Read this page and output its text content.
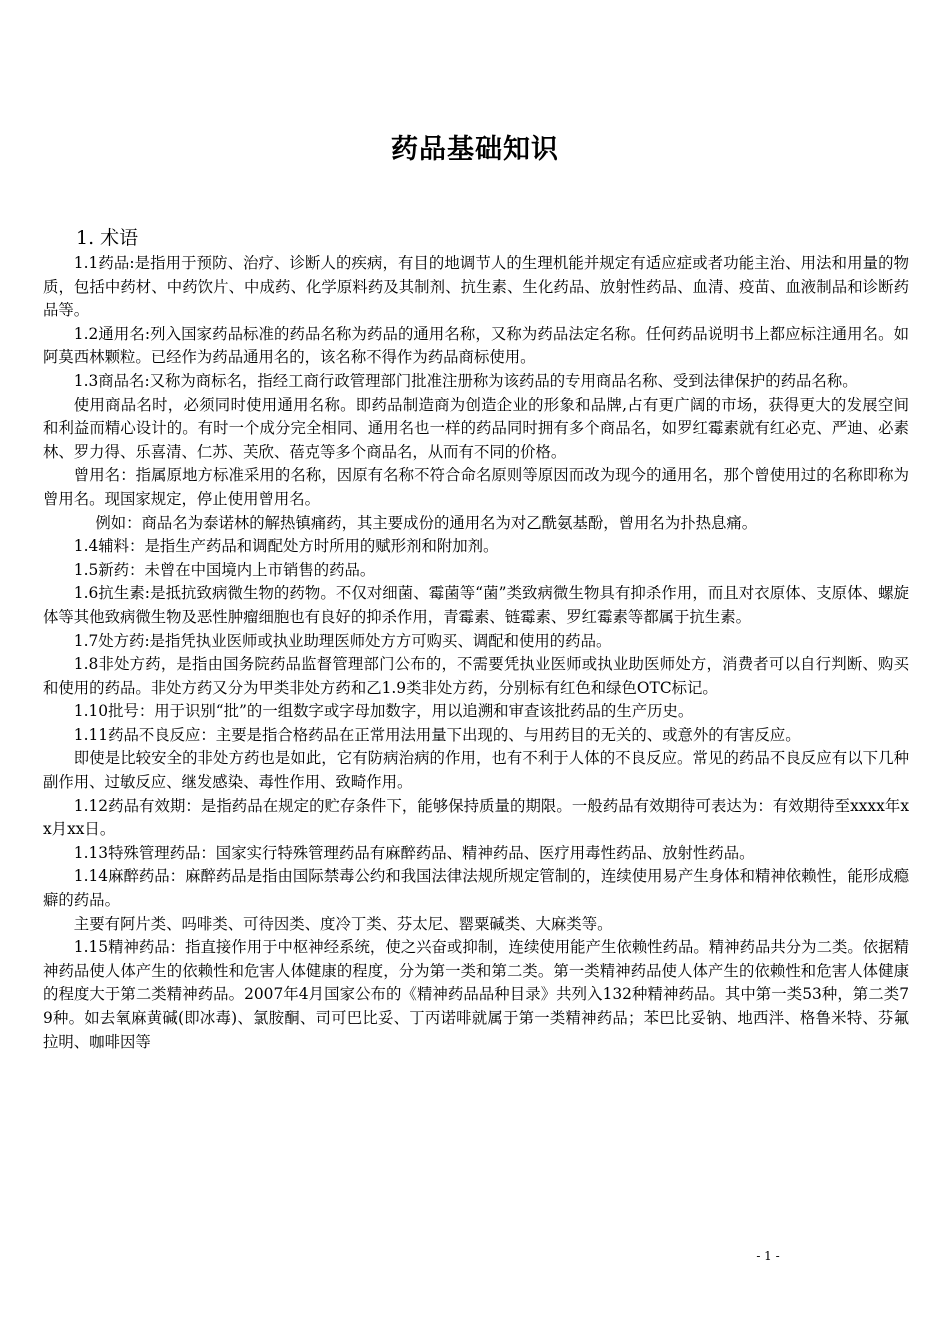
药品基础知识

1. 术语

1.1药品:是指用于预防、治疗、诊断人的疾病，有目的地调节人的生理机能并规定有适应症或者功能主治、用法和用量的物质，包括中药材、中药饮片、中成药、化学原料药及其制剂、抗生素、生化药品、放射性药品、血清、疫苗、血液制品和诊断药品等。

1.2通用名:列入国家药品标准的药品名称为药品的通用名称，又称为药品法定名称。任何药品说明书上都应标注通用名。如阿莫西林颗粒。已经作为药品通用名的，该名称不得作为药品商标使用。

1.3商品名:又称为商标名，指经工商行政管理部门批准注册称为该药品的专用商品名称、受到法律保护的药品名称。

使用商品名时，必须同时使用通用名称。即药品制造商为创造企业的形象和品牌,占有更广阔的市场，获得更大的发展空间和利益而精心设计的。有时一个成分完全相同、通用名也一样的药品同时拥有多个商品名，如罗红霉素就有红必克、严迪、必素林、罗力得、乐喜清、仁苏、芙欣、蓓克等多个商品名，从而有不同的价格。

曾用名：指属原地方标准采用的名称，因原有名称不符合命名原则等原因而改为现今的通用名，那个曾使用过的名称即称为曾用名。现国家规定，停止使用曾用名。

例如：商品名为泰诺林的解热镇痛药，其主要成份的通用名为对乙酰氨基酚，曾用名为扑热息痛。

1.4辅料：是指生产药品和调配处方时所用的赋形剂和附加剂。

1.5新药：未曾在中国境内上市销售的药品。

1.6抗生素:是抵抗致病微生物的药物。不仅对细菌、霉菌等“菌”类致病微生物具有抑杀作用，而且对衣原体、支原体、螺旋体等其他致病微生物及恶性肿瘤细胞也有良好的抑杀作用，青霉素、链霉素、罗红霉素等都属于抗生素。

1.7处方药:是指凭执业医师或执业助理医师处方方可购买、调配和使用的药品。

1.8非处方药，是指由国务院药品监督管理部门公布的，不需要凭执业医师或执业助医师处方，消费者可以自行判断、购买和使用的药品。非处方药又分为甲类非处方药和乙1.9类非处方药，分别标有红色和绿色OTC标记。

1.10批号：用于识别“批”的一组数字或字母加数字，用以追溯和审查该批药品的生产历史。

1.11药品不良反应：主要是指合格药品在正常用法用量下出现的、与用药目的无关的、或意外的有害反应。

即使是比较安全的非处方药也是如此，它有防病治病的作用，也有不利于人体的不良反应。常见的药品不良反应有以下几种副作用、过敏反应、继发感染、毒性作用、致畸作用。

1.12药品有效期：是指药品在规定的贮存条件下，能够保持质量的期限。一般药品有效期待可表达为：有效期待至xxxx年xx月xx日。

1.13特殊管理药品：国家实行特殊管理药品有麻醉药品、精神药品、医疗用毒性药品、放射性药品。

1.14麻醉药品：麻醉药品是指由国际禁毒公约和我国法律法规所规定管制的，连续使用易产生身体和精神依赖性，能形成瘾癖的药品。

主要有阿片类、吗啡类、可待因类、度冷丁类、芬太尼、罂粟碱类、大麻类等。

1.15精神药品：指直接作用于中枢神经系统，使之兴奋或抑制，连续使用能产生依赖性药品。精神药品共分为二类。依据精神药品使人体产生的依赖性和危害人体健康的程度，分为第一类和第二类。第一类精神药品使人体产生的依赖性和危害人体健康的程度大于第二类精神药品。2007年4月国家公布的《精神药品品种目录》共列入132种精神药品。其中第一类53种，第二类79种。如去氧麻黄碱(即冰毒)、氯胺酮、司可巴比妥、丁丙诺啡就属于第一类精神药品；苯巴比妥钠、地西泮、格鲁米特、芬氟拉明、咖啡因等

- 1 -
